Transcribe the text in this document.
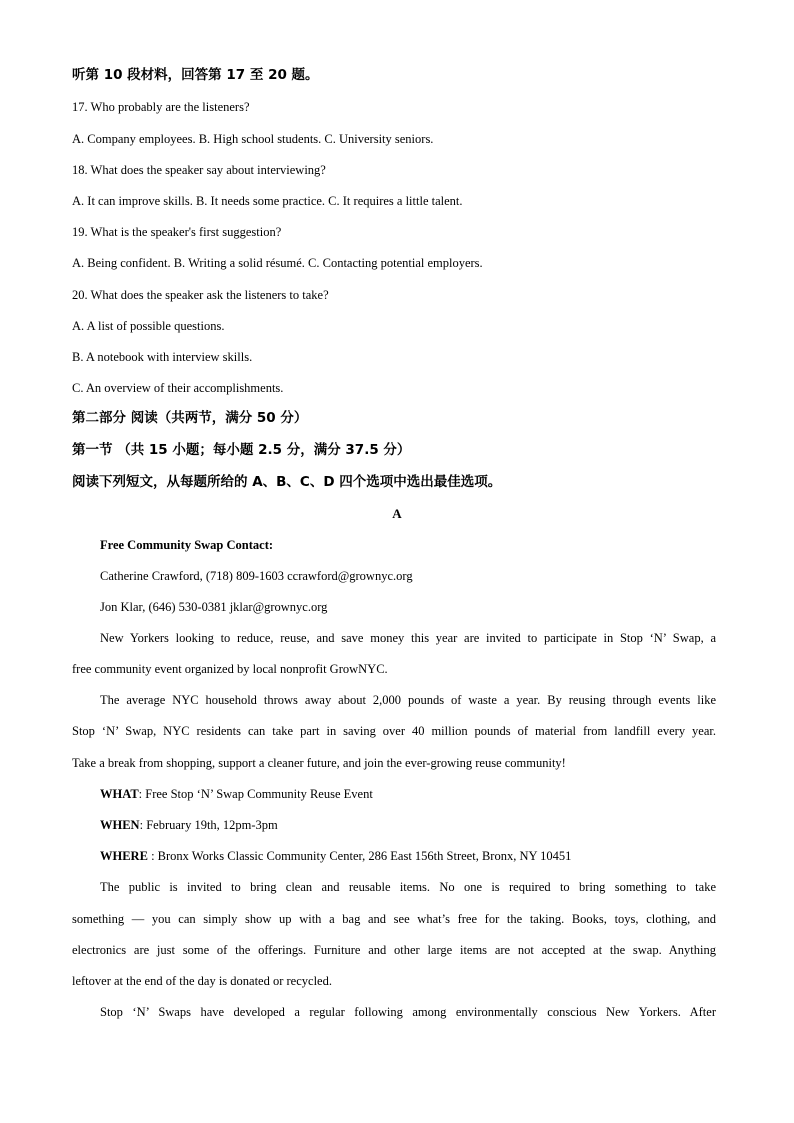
听第 10 段材料，回答第 17 至 20 题。
17. Who probably are the listeners?
A. Company employees. B. High school students. C. University seniors.
18. What does the speaker say about interviewing?
A. It can improve skills. B. It needs some practice. C. It requires a little talent.
19. What is the speaker's first suggestion?
A. Being confident. B. Writing a solid résumé. C. Contacting potential employers.
20. What does the speaker ask the listeners to take?
A. A list of possible questions.
B. A notebook with interview skills.
C. An overview of their accomplishments.
第二部分 阅读（共两节，满分 50 分）
第一节 （共 15 小题；每小题 2.5 分，满分 37.5 分）
阅读下列短文，从每题所给的 A、B、C、D 四个选项中选出最佳选项。
A
Free Community Swap Contact:
Catherine Crawford, (718) 809-1603 ccrawford@grownyc.org
Jon Klar, (646) 530-0381 jklar@grownyc.org
New Yorkers looking to reduce, reuse, and save money this year are invited to participate in Stop ‘N’ Swap, a
free community event organized by local nonprofit GrowNYC.
The average NYC household throws away about 2,000 pounds of waste a year. By reusing through events like
Stop ‘N’ Swap, NYC residents can take part in saving over 40 million pounds of material from landfill every year.
Take a break from shopping, support a cleaner future, and join the ever-growing reuse community!
WHAT: Free Stop ‘N’ Swap Community Reuse Event
WHEN: February 19th, 12pm-3pm
WHERE : Bronx Works Classic Community Center, 286 East 156th Street, Bronx, NY 10451
The public is invited to bring clean and reusable items. No one is required to bring something to take
something — you can simply show up with a bag and see what’s free for the taking. Books, toys, clothing, and
electronics are just some of the offerings. Furniture and other large items are not accepted at the swap. Anything
leftover at the end of the day is donated or recycled.
Stop ‘N’ Swaps have developed a regular following among environmentally conscious New Yorkers. After
